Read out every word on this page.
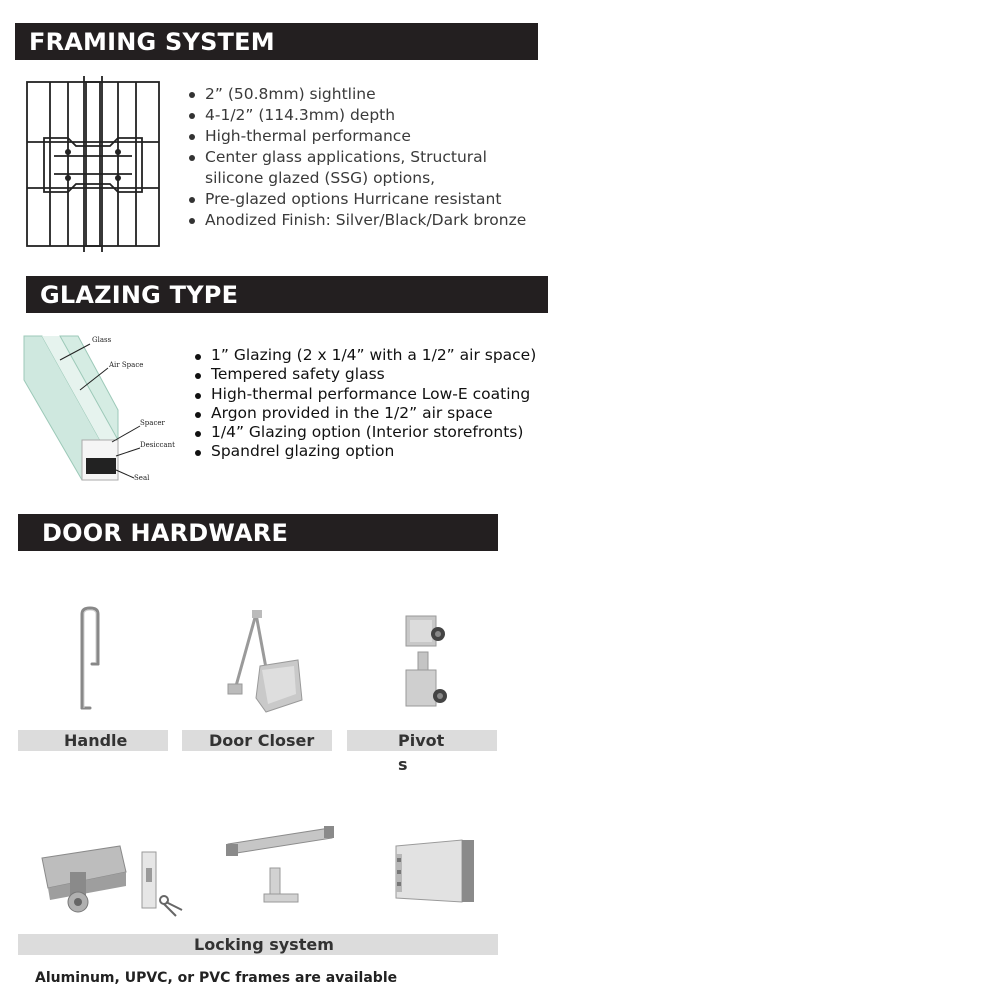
FRAMING SYSTEM
2” (50.8mm) sightline
4-1/2” (114.3mm) depth
High-thermal performance
Center glass applications, Structural silicone glazed (SSG) options,
Pre-glazed options Hurricane resistant
Anodized Finish: Silver/Black/Dark bronze
GLAZING TYPE
Glass
Air Space
Spacer
Desiccant
Seal
1” Glazing (2 x 1/4” with a 1/2” air space)
Tempered safety glass
High-thermal performance Low-E coating
Argon provided in the 1/2” air space
1/4” Glazing option (Interior storefronts)
Spandrel glazing option
DOOR HARDWARE
Handle	Door Closer	Pivot
s
Locking system
Aluminum, UPVC, or PVC frames are available
